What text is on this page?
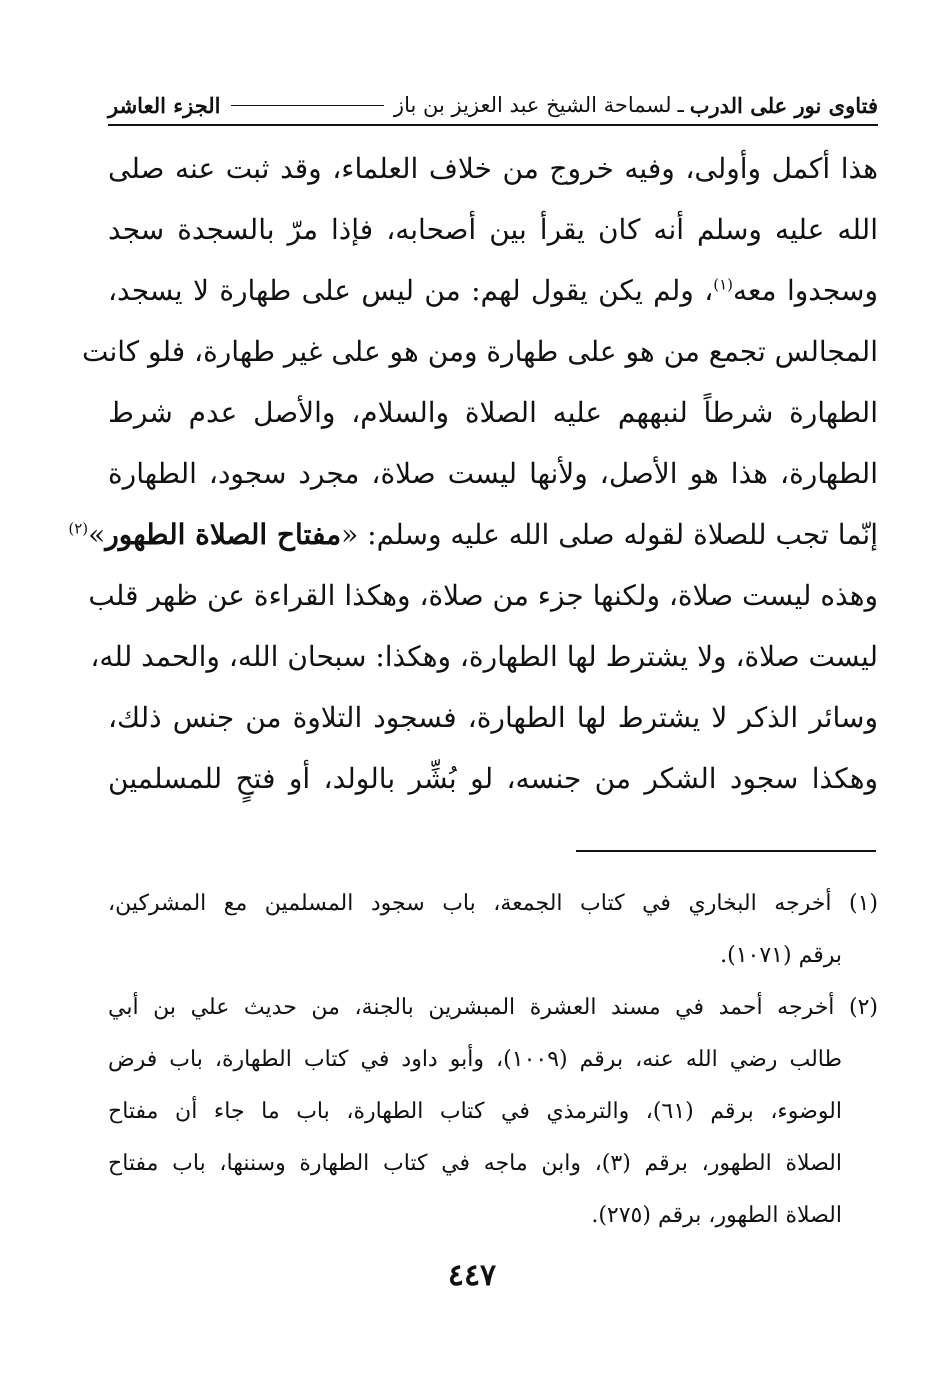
فتاوى نور على الدرب
ـ
لسماحة الشيخ عبد العزيز بن باز
الجزء العاشر
هذا أكمل وأولى، وفيه خروج من خلاف العلماء، وقد ثبت عنه صلى
الله عليه وسلم أنه كان يقرأ بين أصحابه، فإذا مرّ بالسجدة سجد
وسجدوا معه$^{(١)}$، ولم يكن يقول لهم: من ليس على طهارة لا يسجد،
المجالس تجمع من هو على طهارة ومن هو على غير طهارة، فلو كانت
الطهارة شرطاً لنبههم عليه الصلاة والسلام، والأصل عدم شرط
الطهارة، هذا هو الأصل، ولأنها ليست صلاة، مجرد سجود، الطهارة
إنّما تجب للصلاة لقوله صلى الله عليه وسلم: «مفتاح الصلاة الطهور»$^{(٢)}$
وهذه ليست صلاة، ولكنها جزء من صلاة، وهكذا القراءة عن ظهر قلب
ليست صلاة، ولا يشترط لها الطهارة، وهكذا: سبحان الله، والحمد لله،
وسائر الذكر لا يشترط لها الطهارة، فسجود التلاوة من جنس ذلك،
وهكذا سجود الشكر من جنسه، لو بُشِّر بالولد، أو فتحٍ للمسلمين
(١) أخرجه البخاري في كتاب الجمعة، باب سجود المسلمين مع المشركين،
برقم (١٠٧١).
(٢) أخرجه أحمد في مسند العشرة المبشرين بالجنة، من حديث علي بن أبي
طالب رضي الله عنه، برقم (١٠٠٩)، وأبو داود في كتاب الطهارة، باب فرض
الوضوء، برقم (٦١)، والترمذي في كتاب الطهارة، باب ما جاء أن مفتاح
الصلاة الطهور، برقم (٣)، وابن ماجه في كتاب الطهارة وسننها، باب مفتاح
الصلاة الطهور، برقم (٢٧٥).
٤٤٧
